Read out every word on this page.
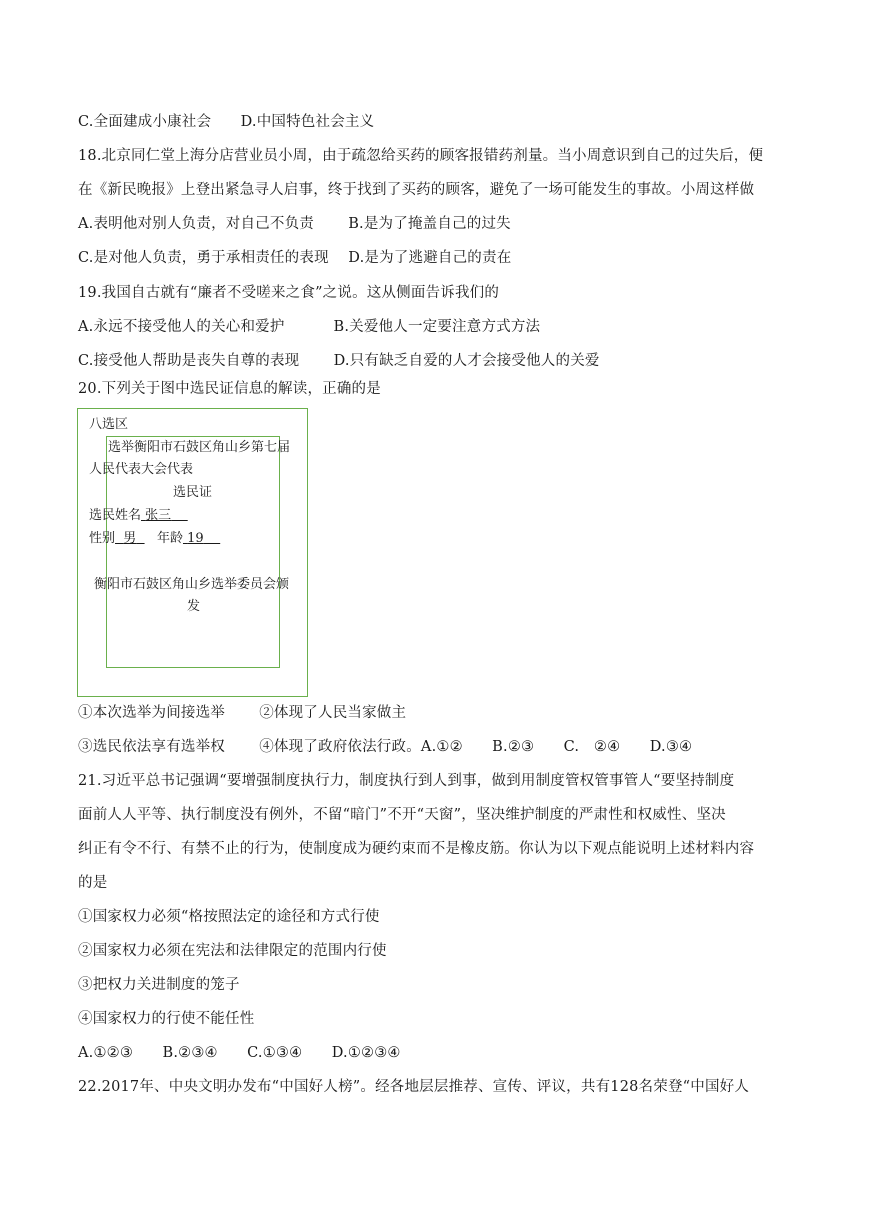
C.全面建成小康社会　　D.中国特色社会主义
18.北京同仁堂上海分店营业员小周，由于疏忽给买药的顾客报错药剂量。当小周意识到自己的过失后，便
在《新民晚报》上登出紧急寻人启事，终于找到了买药的顾客，避免了一场可能发生的事故。小周这样做
A.表明他对别人负责，对自己不负责　　 B.是为了掩盖自己的过失
C.是对他人负责，勇于承相责任的表现　 D.是为了逃避自己的责在
19.我国自古就有“廉者不受嗟来之食”之说。这从侧面告诉我们的
A.永远不接受他人的关心和爱护　　　 B.关爱他人一定要注意方式方法
C.接受他人帮助是丧失自尊的表现　　 D.只有缺乏自爱的人才会接受他人的关爱
20.下列关于图中选民证信息的解读，正确的是
八选区
选举衡阳市石鼓区角山乡第七届
人民代表大会代表
选民证
选民姓名 张三
性别 男 年龄 19
衡阳市石鼓区角山乡选举委员会颁
发
①本次选举为间接选举　　 ②体现了人民当家做主
③选民依法享有选举权　　 ④体现了政府依法行政。A.①②　　B.②③　　C.　②④　　D.③④
21.习近平总书记强调“要增强制度执行力，制度执行到人到事，做到用制度管权管事管人“要坚持制度
面前人人平等、执行制度没有例外，不留“暗门”不开“天窗”，坚决维护制度的严肃性和权威性、坚决
纠正有令不行、有禁不止的行为，使制度成为硬约束而不是橡皮筋。你认为以下观点能说明上述材料内容
的是
①国家权力必须“格按照法定的途径和方式行使
②国家权力必须在宪法和法律限定的范围内行使
③把权力关进制度的笼子
④国家权力的行使不能任性
A.①②③　　B.②③④　　C.①③④　　D.①②③④
22.2017年、中央文明办发布“中国好人榜”。经各地层层推荐、宣传、评议，共有128名荣登“中国好人
